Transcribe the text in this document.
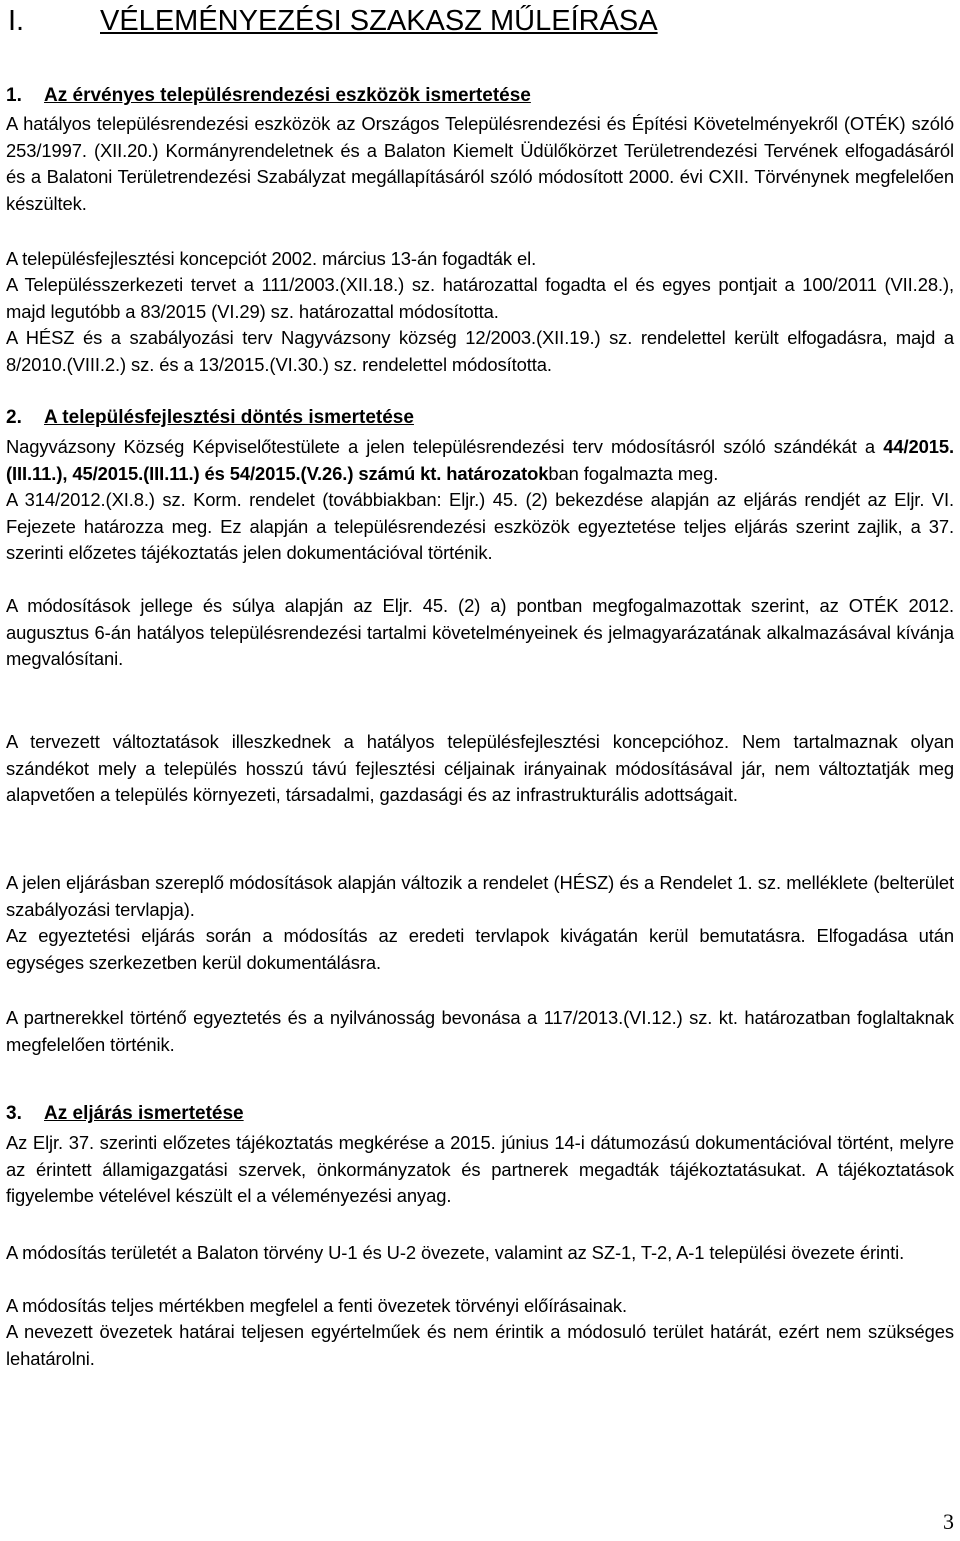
I.	VÉLEMÉNYEZÉSI SZAKASZ MŰLEÍRÁSA
1. Az érvényes településrendezési eszközök ismertetése

A hatályos településrendezési eszközök az Országos Településrendezési és Építési Követelményekről (OTÉK) szóló 253/1997. (XII.20.) Kormányrendeletnek és a Balaton Kiemelt Üdülőkörzet Területrendezési Tervének elfogadásáról és a Balatoni Területrendezési Szabályzat megállapításáról szóló módosított 2000. évi CXII. Törvénynek megfelelően készültek.

A településfejlesztési koncepciót 2002. március 13-án fogadták el.

A Településszerkezeti tervet a 111/2003.(XII.18.) sz. határozattal fogadta el és egyes pontjait a 100/2011 (VII.28.), majd legutóbb a 83/2015 (VI.29) sz. határozattal módosította.

A HÉSZ és a szabályozási terv Nagyvázsony község 12/2003.(XII.19.) sz. rendelettel került elfogadásra, majd a 8/2010.(VIII.2.) sz. és a 13/2015.(VI.30.) sz. rendelettel módosította.

2. A településfejlesztési döntés ismertetése

Nagyvázsony Község Képviselőtestülete a jelen településrendezési terv módosításról szóló szándékát a 44/2015.(III.11.), 45/2015.(III.11.) és 54/2015.(V.26.) számú kt. határozatokban fogalmazta meg.

A 314/2012.(XI.8.) sz. Korm. rendelet (továbbiakban: Eljr.) 45. (2) bekezdése alapján az eljárás rendjét az Eljr. VI. Fejezete határozza meg. Ez alapján a településrendezési eszközök egyeztetése teljes eljárás szerint zajlik, a 37. szerinti előzetes tájékoztatás jelen dokumentációval történik.

A módosítások jellege és súlya alapján az Eljr. 45. (2) a) pontban megfogalmazottak szerint, az OTÉK 2012. augusztus 6-án hatályos településrendezési tartalmi követelményeinek és jelmagyarázatának alkalmazásával kívánja megvalósítani.

A tervezett változtatások illeszkednek a hatályos településfejlesztési koncepcióhoz. Nem tartalmaznak olyan szándékot mely a település hosszú távú fejlesztési céljainak irányainak módosításával jár, nem változtatják meg alapvetően a település környezeti, társadalmi, gazdasági és az infrastrukturális adottságait.

A jelen eljárásban szereplő módosítások alapján változik a rendelet (HÉSZ) és a Rendelet 1. sz. melléklete (belterület szabályozási tervlapja).

Az egyeztetési eljárás során a módosítás az eredeti tervlapok kivágatán kerül bemutatásra. Elfogadása után egységes szerkezetben kerül dokumentálásra.

A partnerekkel történő egyeztetés és a nyilvánosság bevonása a 117/2013.(VI.12.) sz. kt. határozatban foglaltaknak megfelelően történik.

3. Az eljárás ismertetése

Az Eljr. 37. szerinti előzetes tájékoztatás megkérése a 2015. június 14-i dátumozású dokumentációval történt, melyre az érintett államigazgatási szervek, önkormányzatok és partnerek megadták tájékoztatásukat. A tájékoztatások figyelembe vételével készült el a véleményezési anyag.

A módosítás területét a Balaton törvény U-1 és U-2 övezete, valamint az SZ-1, T-2, A-1 települési övezete érinti.

A módosítás teljes mértékben megfelel a fenti övezetek törvényi előírásainak.

A nevezett övezetek határai teljesen egyértelműek és nem érintik a módosuló terület határát, ezért nem szükséges lehatárolni.

3
